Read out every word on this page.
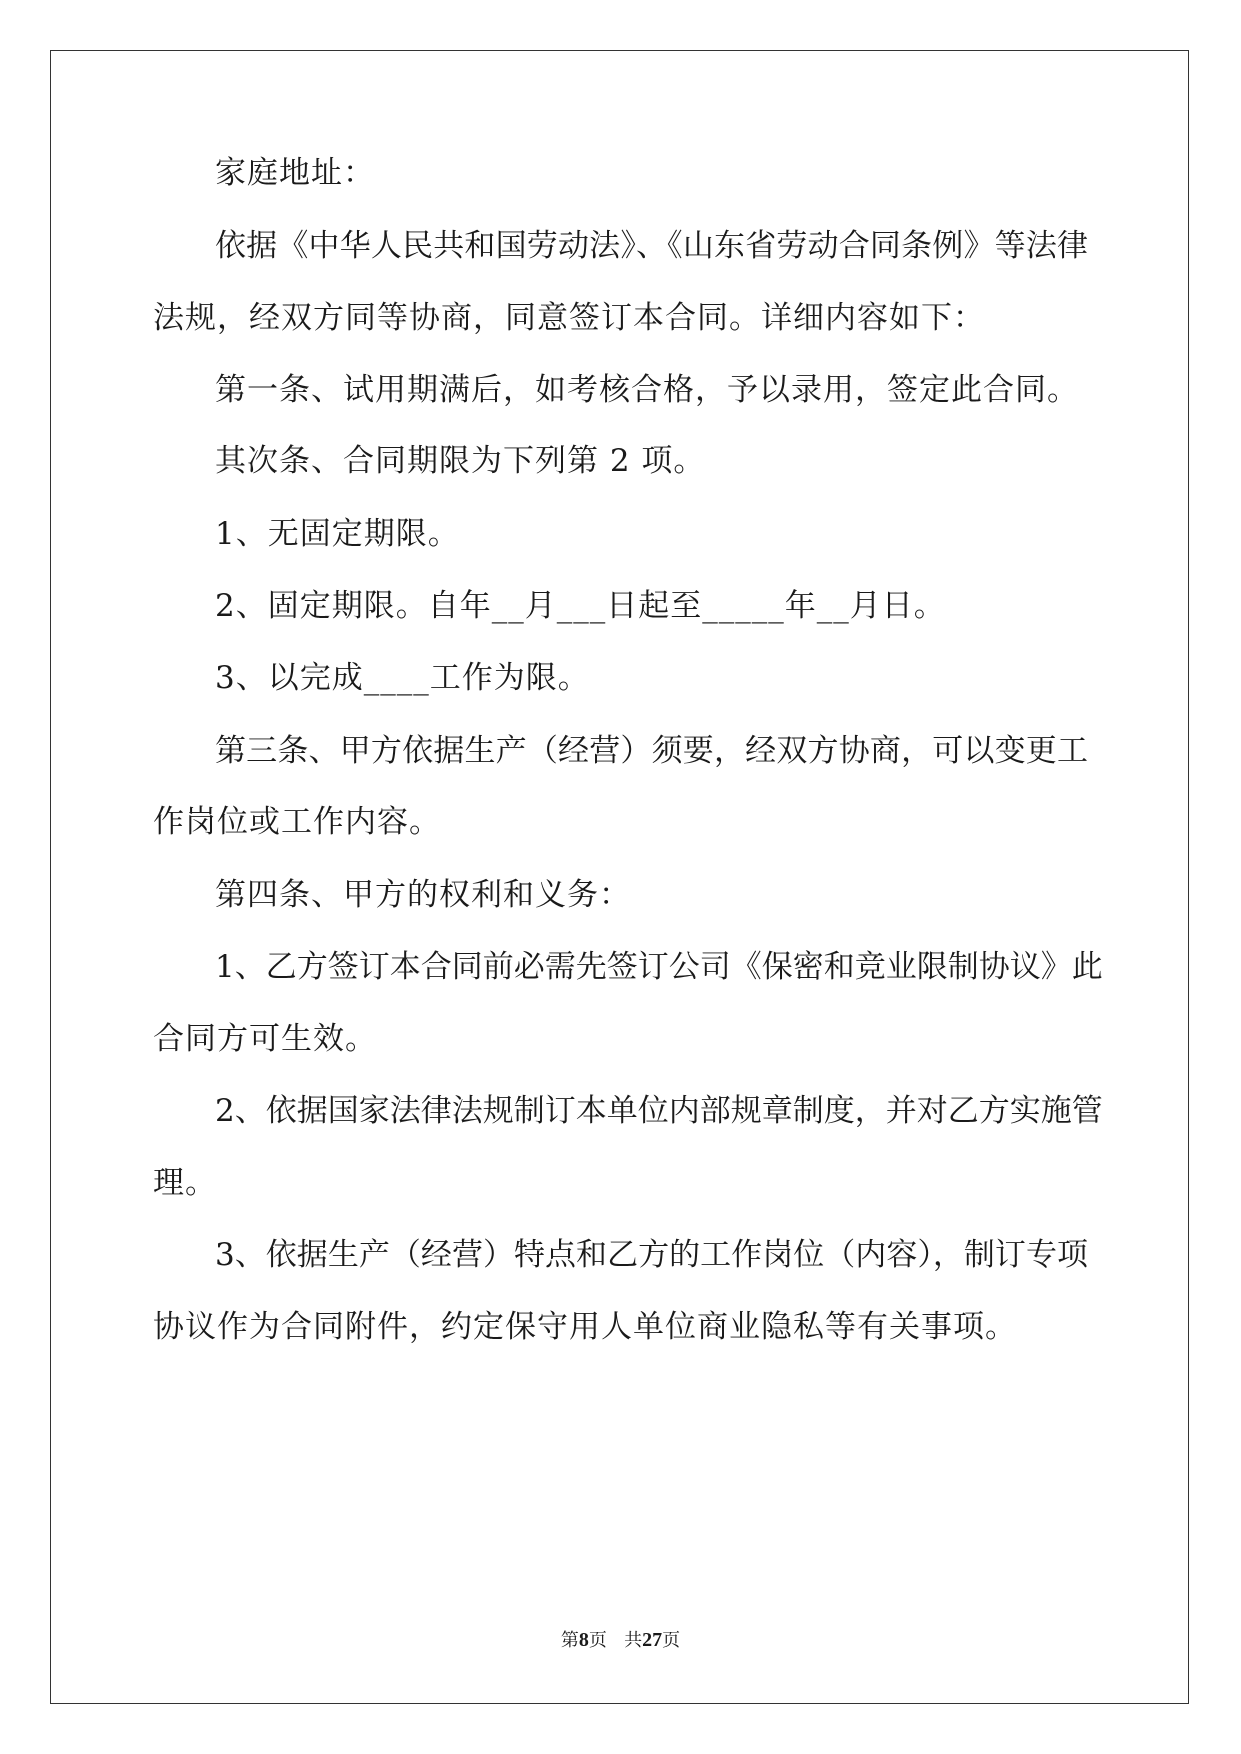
家庭地址：
依据《中华人民共和国劳动法》、《山东省劳动合同条例》等法律
法规，经双方同等协商，同意签订本合同。详细内容如下：
第一条、试用期满后，如考核合格，予以录用，签定此合同。
其次条、合同期限为下列第 2 项。
1、无固定期限。
2、固定期限。自年__月___日起至_____年__月日。
3、以完成____工作为限。
第三条、甲方依据生产（经营）须要，经双方协商，可以变更工
作岗位或工作内容。
第四条、甲方的权利和义务：
1、乙方签订本合同前必需先签订公司《保密和竞业限制协议》此
合同方可生效。
2、依据国家法律法规制订本单位内部规章制度，并对乙方实施管
理。
3、依据生产（经营）特点和乙方的工作岗位（内容），制订专项
协议作为合同附件，约定保守用人单位商业隐私等有关事项。
第8页 共27页
